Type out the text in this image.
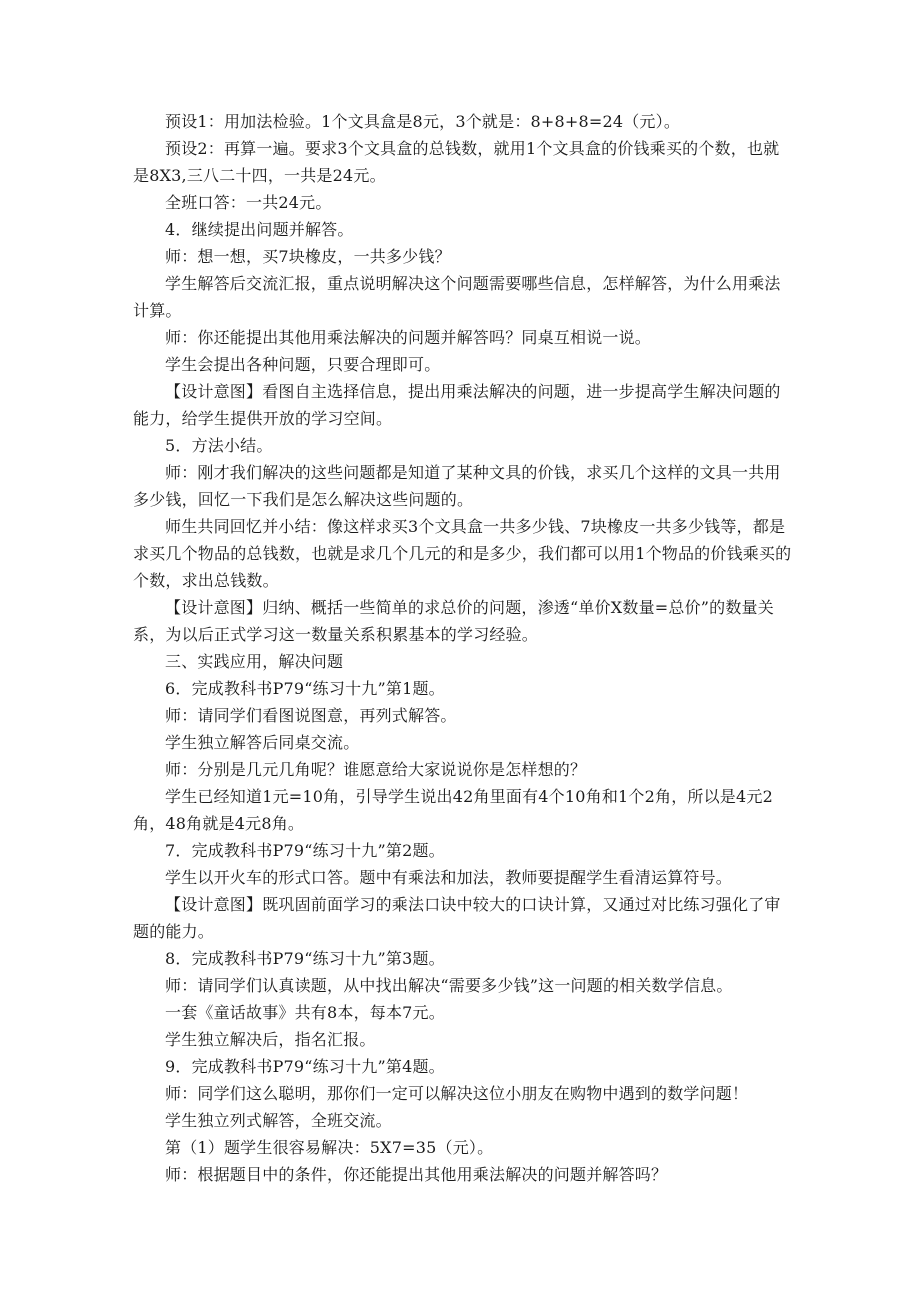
预设1：用加法检验。1个文具盒是8元，3个就是：8+8+8=24（元）。

预设2：再算一遍。要求3个文具盒的总钱数，就用1个文具盒的价钱乘买的个数，也就是8X3,三八二十四，一共是24元。

全班口答：一共24元。

4．继续提出问题并解答。

师：想一想，买7块橡皮，一共多少钱？

学生解答后交流汇报，重点说明解决这个问题需要哪些信息，怎样解答，为什么用乘法计算。

师：你还能提出其他用乘法解决的问题并解答吗？同桌互相说一说。

学生会提出各种问题，只要合理即可。

【设计意图】看图自主选择信息，提出用乘法解决的问题，进一步提高学生解决问题的能力，给学生提供开放的学习空间。

5．方法小结。

师：刚才我们解决的这些问题都是知道了某种文具的价钱，求买几个这样的文具一共用多少钱，回忆一下我们是怎么解决这些问题的。

师生共同回忆并小结：像这样求买3个文具盒一共多少钱、7块橡皮一共多少钱等，都是求买几个物品的总钱数，也就是求几个几元的和是多少，我们都可以用1个物品的价钱乘买的个数，求出总钱数。

【设计意图】归纳、概括一些简单的求总价的问题，渗透“单价X数量=总价”的数量关系，为以后正式学习这一数量关系积累基本的学习经验。

三、实践应用，解决问题

6．完成教科书P79“练习十九”第1题。

师：请同学们看图说图意，再列式解答。

学生独立解答后同桌交流。

师：分别是几元几角呢？谁愿意给大家说说你是怎样想的？

学生已经知道1元=10角，引导学生说出42角里面有4个10角和1个2角，所以是4元2角，48角就是4元8角。

7．完成教科书P79“练习十九”第2题。

学生以开火车的形式口答。题中有乘法和加法，教师要提醒学生看清运算符号。

【设计意图】既巩固前面学习的乘法口诀中较大的口诀计算，又通过对比练习强化了审题的能力。

8．完成教科书P79“练习十九”第3题。

师：请同学们认真读题，从中找出解决“需要多少钱”这一问题的相关数学信息。

一套《童话故事》共有8本，每本7元。

学生独立解决后，指名汇报。

9．完成教科书P79“练习十九”第4题。

师：同学们这么聪明，那你们一定可以解决这位小朋友在购物中遇到的数学问题！

学生独立列式解答，全班交流。

第（1）题学生很容易解决：5X7=35（元）。

师：根据题目中的条件，你还能提出其他用乘法解决的问题并解答吗？
